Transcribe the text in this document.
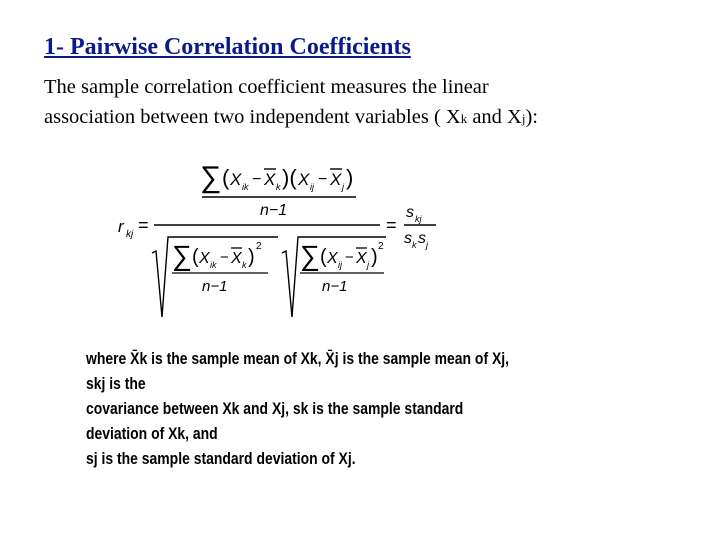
1- Pairwise Correlation Coefficients
The sample correlation coefficient measures the linear
association between two independent variables ( Xk and Xj):
r kj =
∑ ( X ik − X k )( X ij − X j )
n−1
∑ ( X ik − X k ) 2
n−1
∑ ( X ij − X j ) 2
n−1
=
s kj
s k s j
where X̄k is the sample mean of Xk, X̄j is the sample mean of Xj, skj is the
covariance between Xk and Xj, sk is the sample standard deviation of Xk, and
sj is the sample standard deviation of Xj.
